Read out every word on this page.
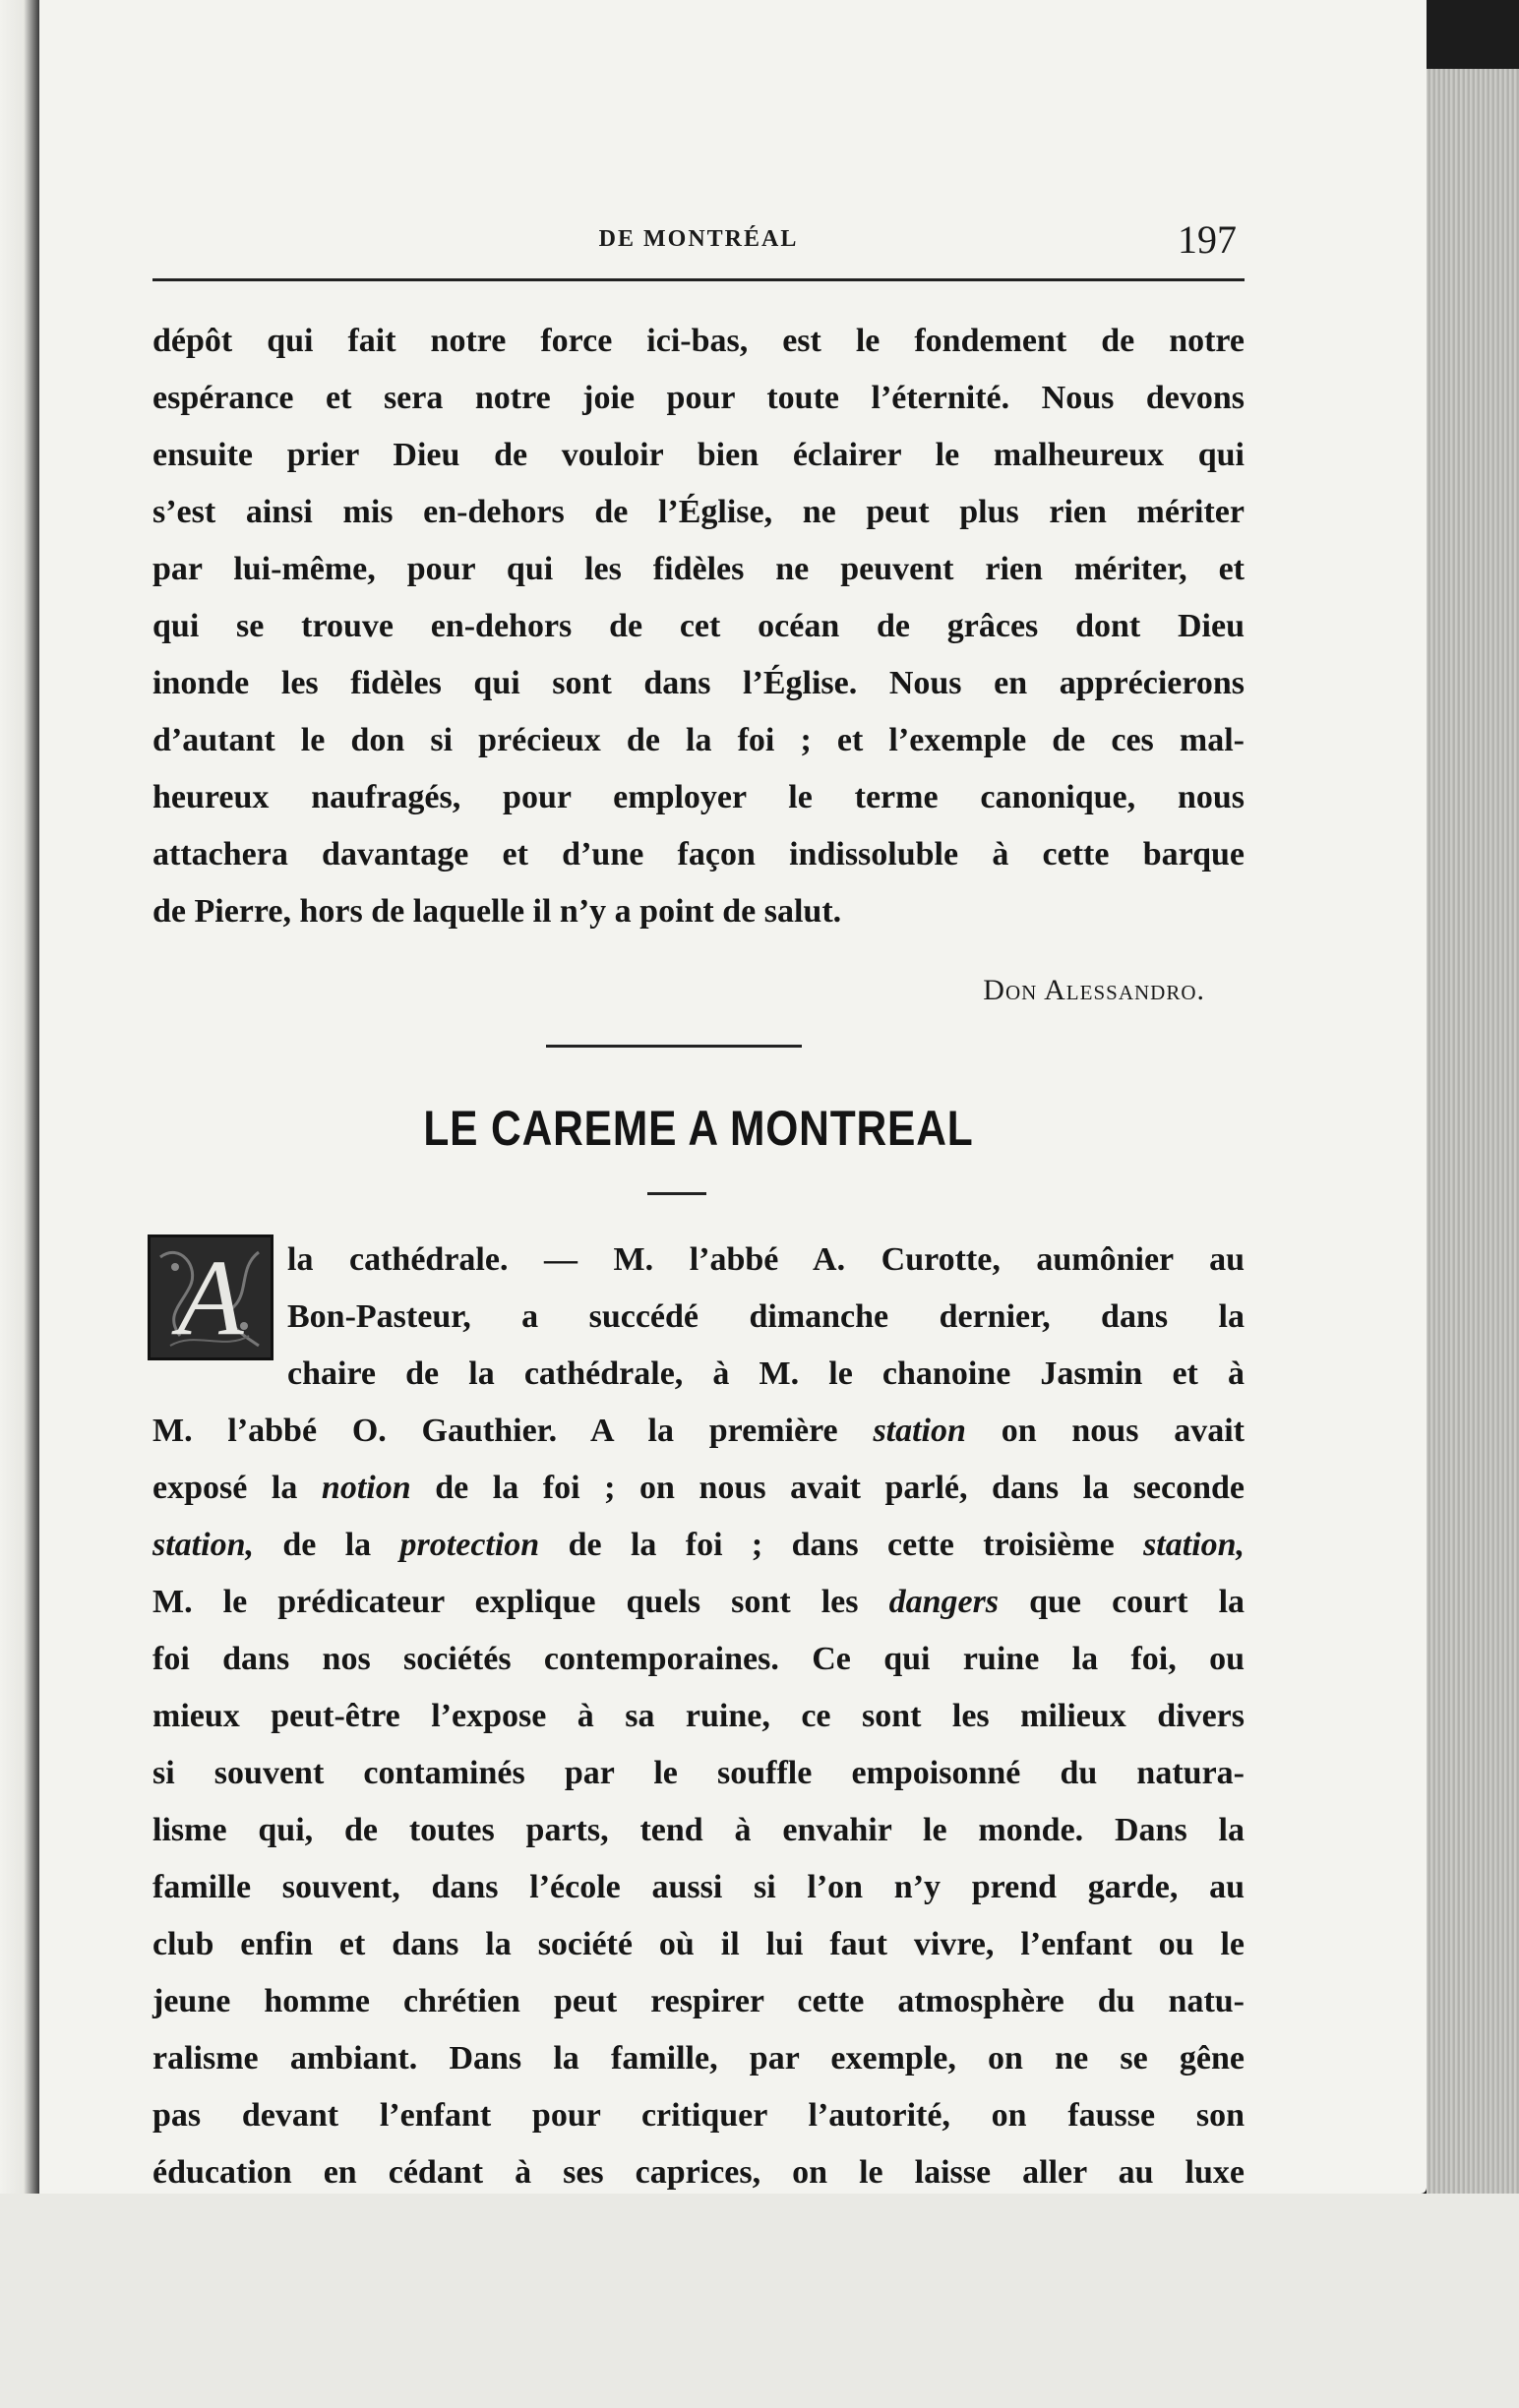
DE MONTRÉAL	197
dépôt qui fait notre force ici-bas, est le fondement de notre
espérance et sera notre joie pour toute l’éternité. Nous devons
ensuite prier Dieu de vouloir bien éclairer le malheureux qui
s’est ainsi mis en-dehors de l’Église, ne peut plus rien mériter
par lui-même, pour qui les fidèles ne peuvent rien mériter, et
qui se trouve en-dehors de cet océan de grâces dont Dieu
inonde les fidèles qui sont dans l’Église. Nous en apprécierons
d’autant le don si précieux de la foi ; et l’exemple de ces mal-
heureux naufragés, pour employer le terme canonique, nous
attachera davantage et d’une façon indissoluble à cette barque
de Pierre, hors de laquelle il n’y a point de salut.
Don Alessandro.
LE CAREME A MONTREAL
A la cathédrale. — M. l’abbé A. Curotte, aumônier au
Bon-Pasteur, a succédé dimanche dernier, dans la
chaire de la cathédrale, à M. le chanoine Jasmin et à
M. l’abbé O. Gauthier. A la première station on nous avait
exposé la notion de la foi ; on nous avait parlé, dans la seconde
station, de la protection de la foi ; dans cette troisième station,
M. le prédicateur explique quels sont les dangers que court la
foi dans nos sociétés contemporaines. Ce qui ruine la foi, ou
mieux peut-être l’expose à sa ruine, ce sont les milieux divers
si souvent contaminés par le souffle empoisonné du natura-
lisme qui, de toutes parts, tend à envahir le monde. Dans la
famille souvent, dans l’école aussi si l’on n’y prend garde, au
club enfin et dans la société où il lui faut vivre, l’enfant ou le
jeune homme chrétien peut respirer cette atmosphère du natu-
ralisme ambiant. Dans la famille, par exemple, on ne se gêne
pas devant l’enfant pour critiquer l’autorité, on fausse son
éducation en cédant à ses caprices, on le laisse aller au luxe
